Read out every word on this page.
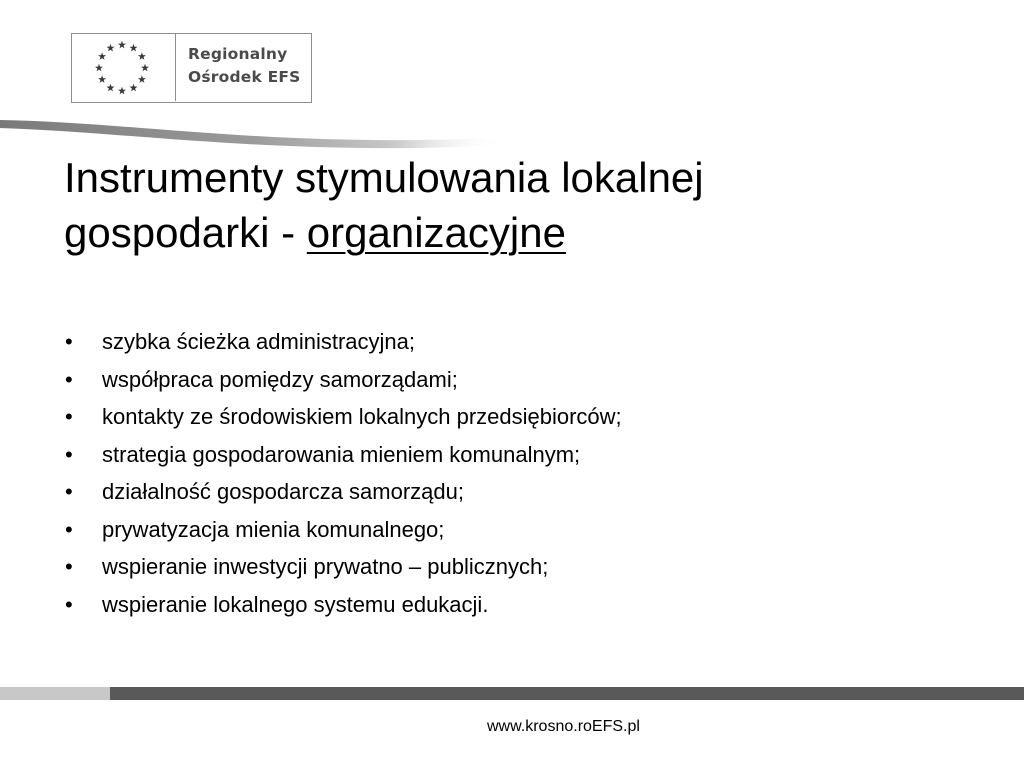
Regionalny
Ośrodek EFS
Instrumenty stymulowania lokalnej
gospodarki - organizacyjne
• szybka ścieżka administracyjna;
• współpraca pomiędzy samorządami;
• kontakty ze środowiskiem lokalnych przedsiębiorców;
• strategia gospodarowania mieniem komunalnym;
• działalność gospodarcza samorządu;
• prywatyzacja mienia komunalnego;
• wspieranie inwestycji prywatno – publicznych;
• wspieranie lokalnego systemu edukacji.
www.krosno.roEFS.pl
